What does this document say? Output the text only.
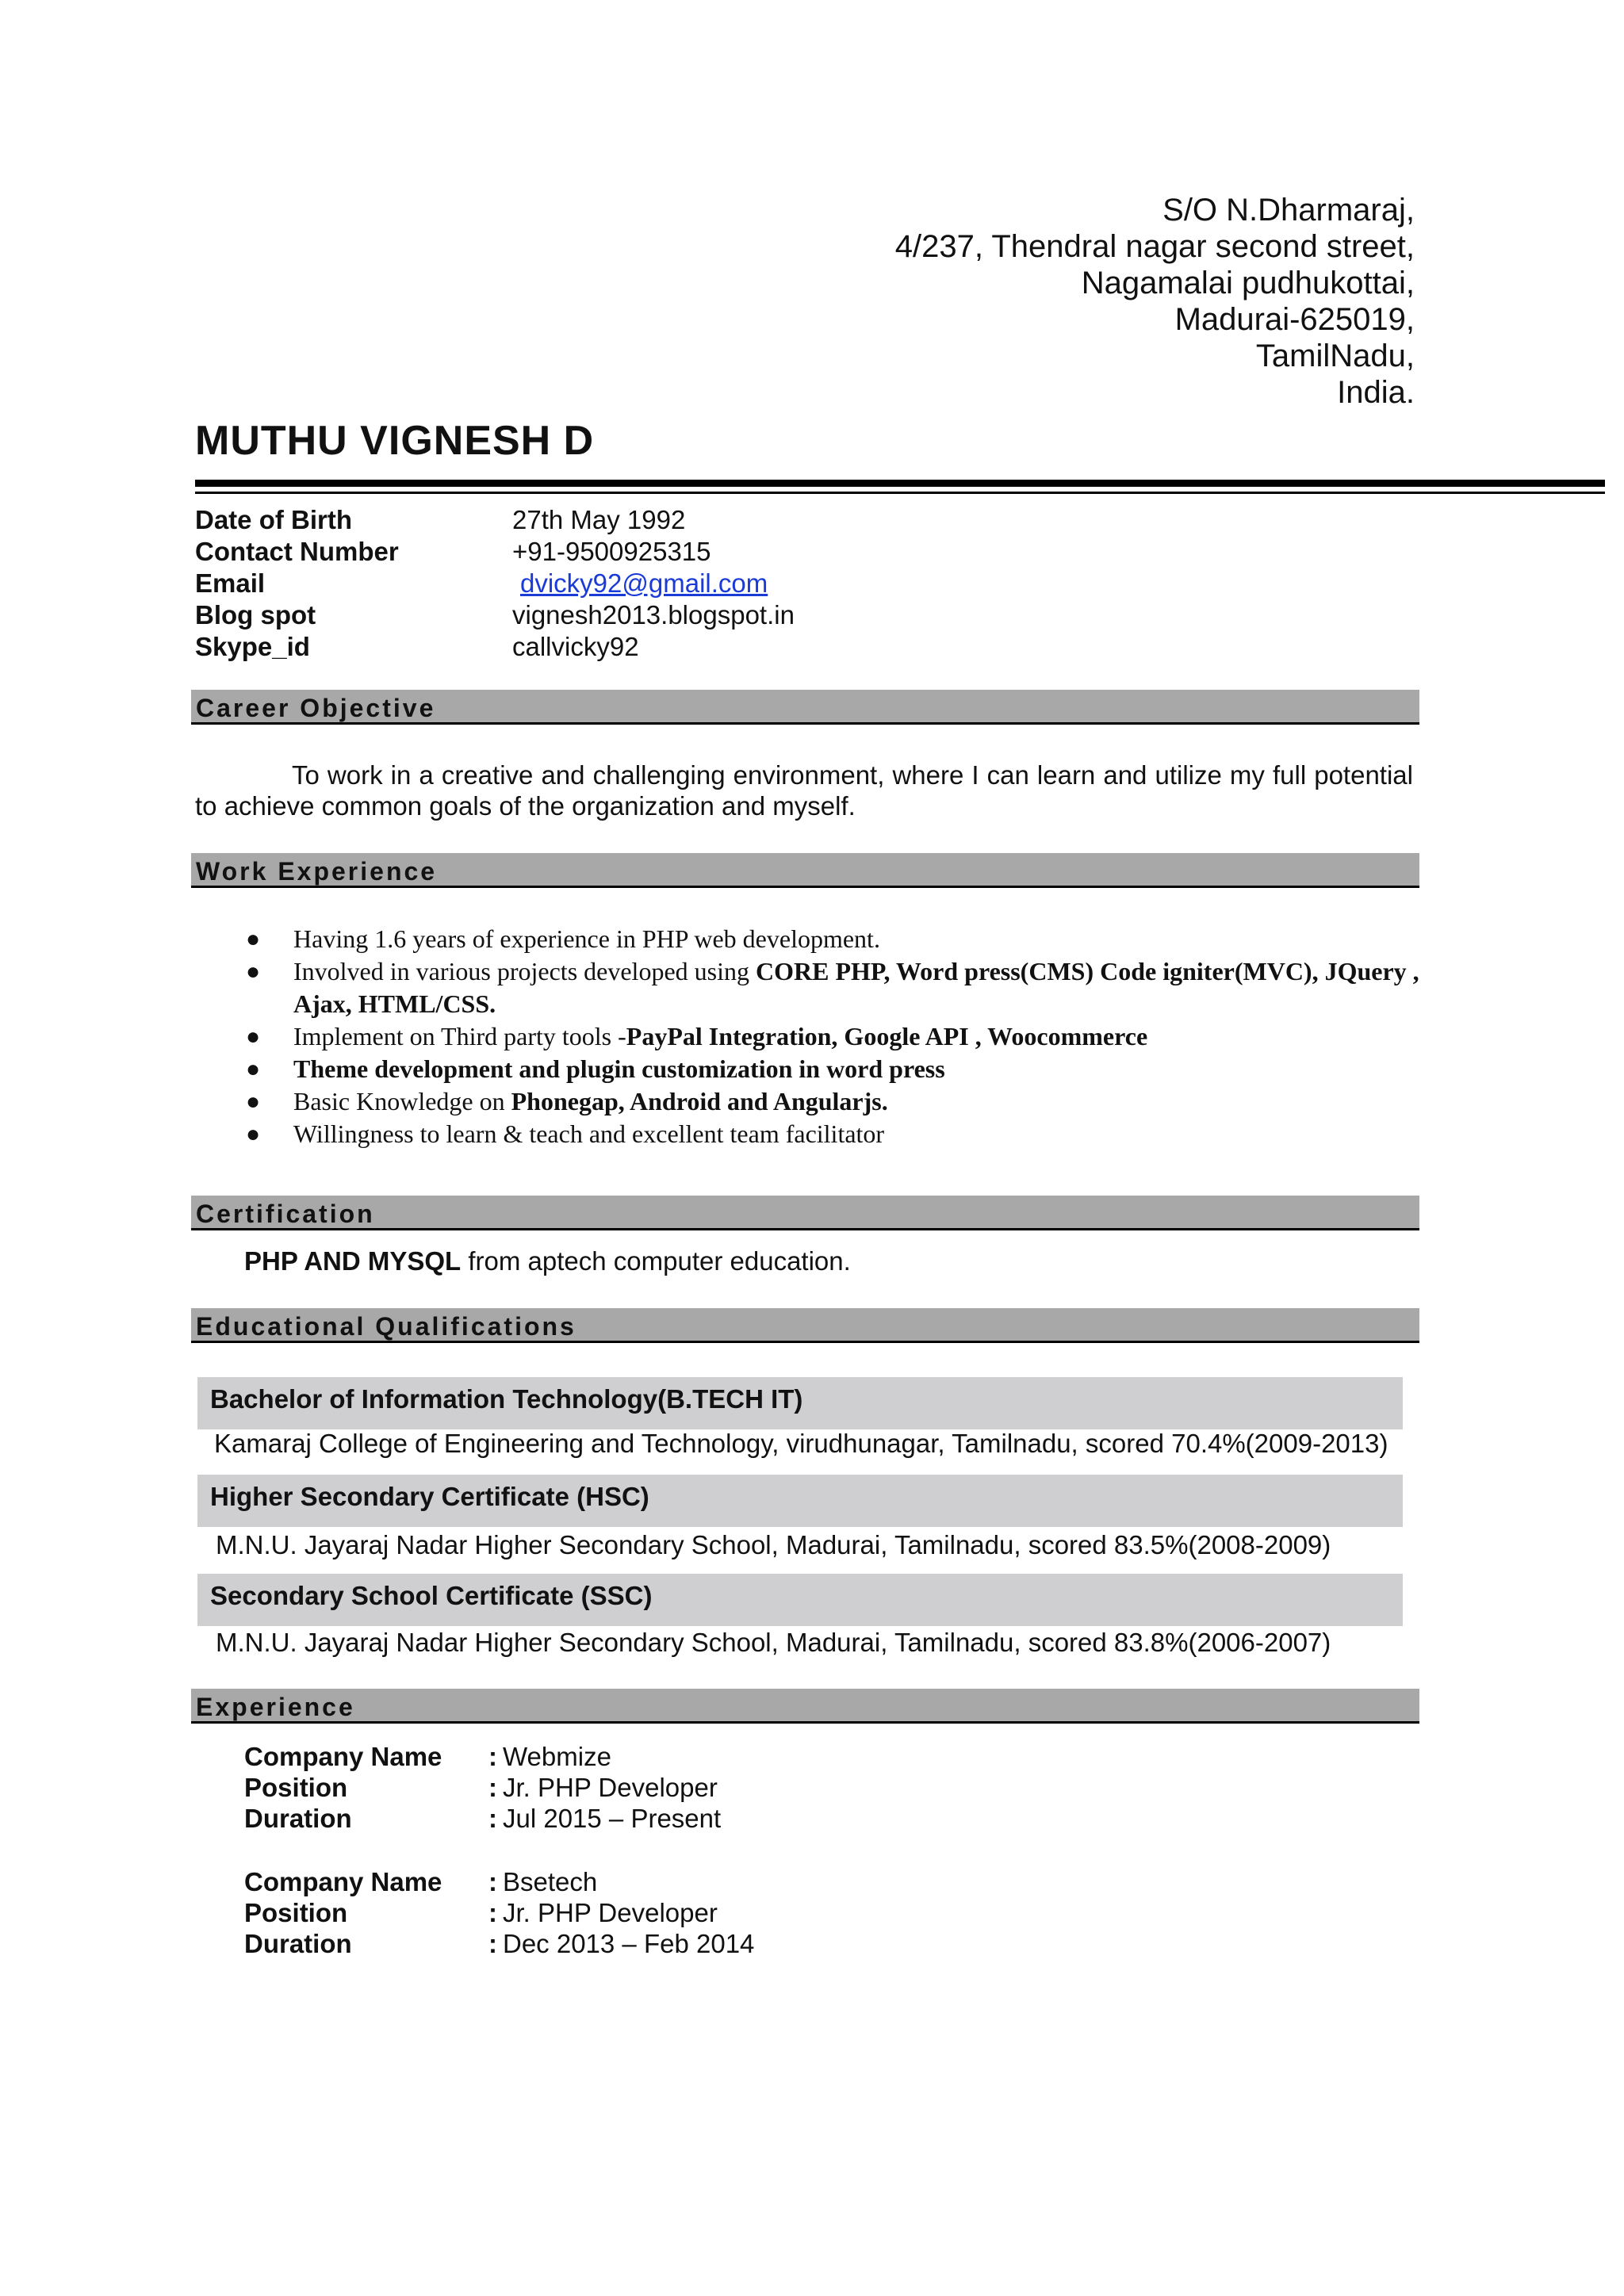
S/O N.Dharmaraj,
4/237, Thendral nagar second street,
Nagamalai pudhukottai,
Madurai-625019,
TamilNadu,
India.
MUTHU VIGNESH D
Date of Birth	27th May 1992
Contact Number	+91-9500925315
Email	dvicky92@gmail.com
Blog spot	vignesh2013.blogspot.in
Skype_id	callvicky92
Career Objective
To work in a creative and challenging environment, where I can learn and utilize my full potential to achieve common goals of the organization and myself.
Work Experience
● Having 1.6 years of experience in PHP web development.
● Involved in various projects developed using CORE PHP, Word press(CMS) Code igniter(MVC), JQuery , Ajax, HTML/CSS.
● Implement on Third party tools -PayPal Integration, Google API , Woocommerce
● Theme development and plugin customization in word press
● Basic Knowledge on Phonegap, Android and Angularjs.
● Willingness to learn & teach and excellent team facilitator
Certification
PHP AND MYSQL from aptech computer education.
Educational Qualifications
Bachelor of Information Technology(B.TECH IT)
Kamaraj College of Engineering and Technology, virudhunagar, Tamilnadu, scored 70.4%(2009-2013)
Higher Secondary Certificate (HSC)
M.N.U. Jayaraj Nadar Higher Secondary School, Madurai, Tamilnadu, scored 83.5%(2008-2009)
Secondary School Certificate (SSC)
M.N.U. Jayaraj Nadar Higher Secondary School, Madurai, Tamilnadu, scored 83.8%(2006-2007)
Experience
Company Name : Webmize
Position	: Jr. PHP Developer
Duration	: Jul 2015 – Present
Company Name : Bsetech
Position	: Jr. PHP Developer
Duration	: Dec 2013 – Feb 2014
